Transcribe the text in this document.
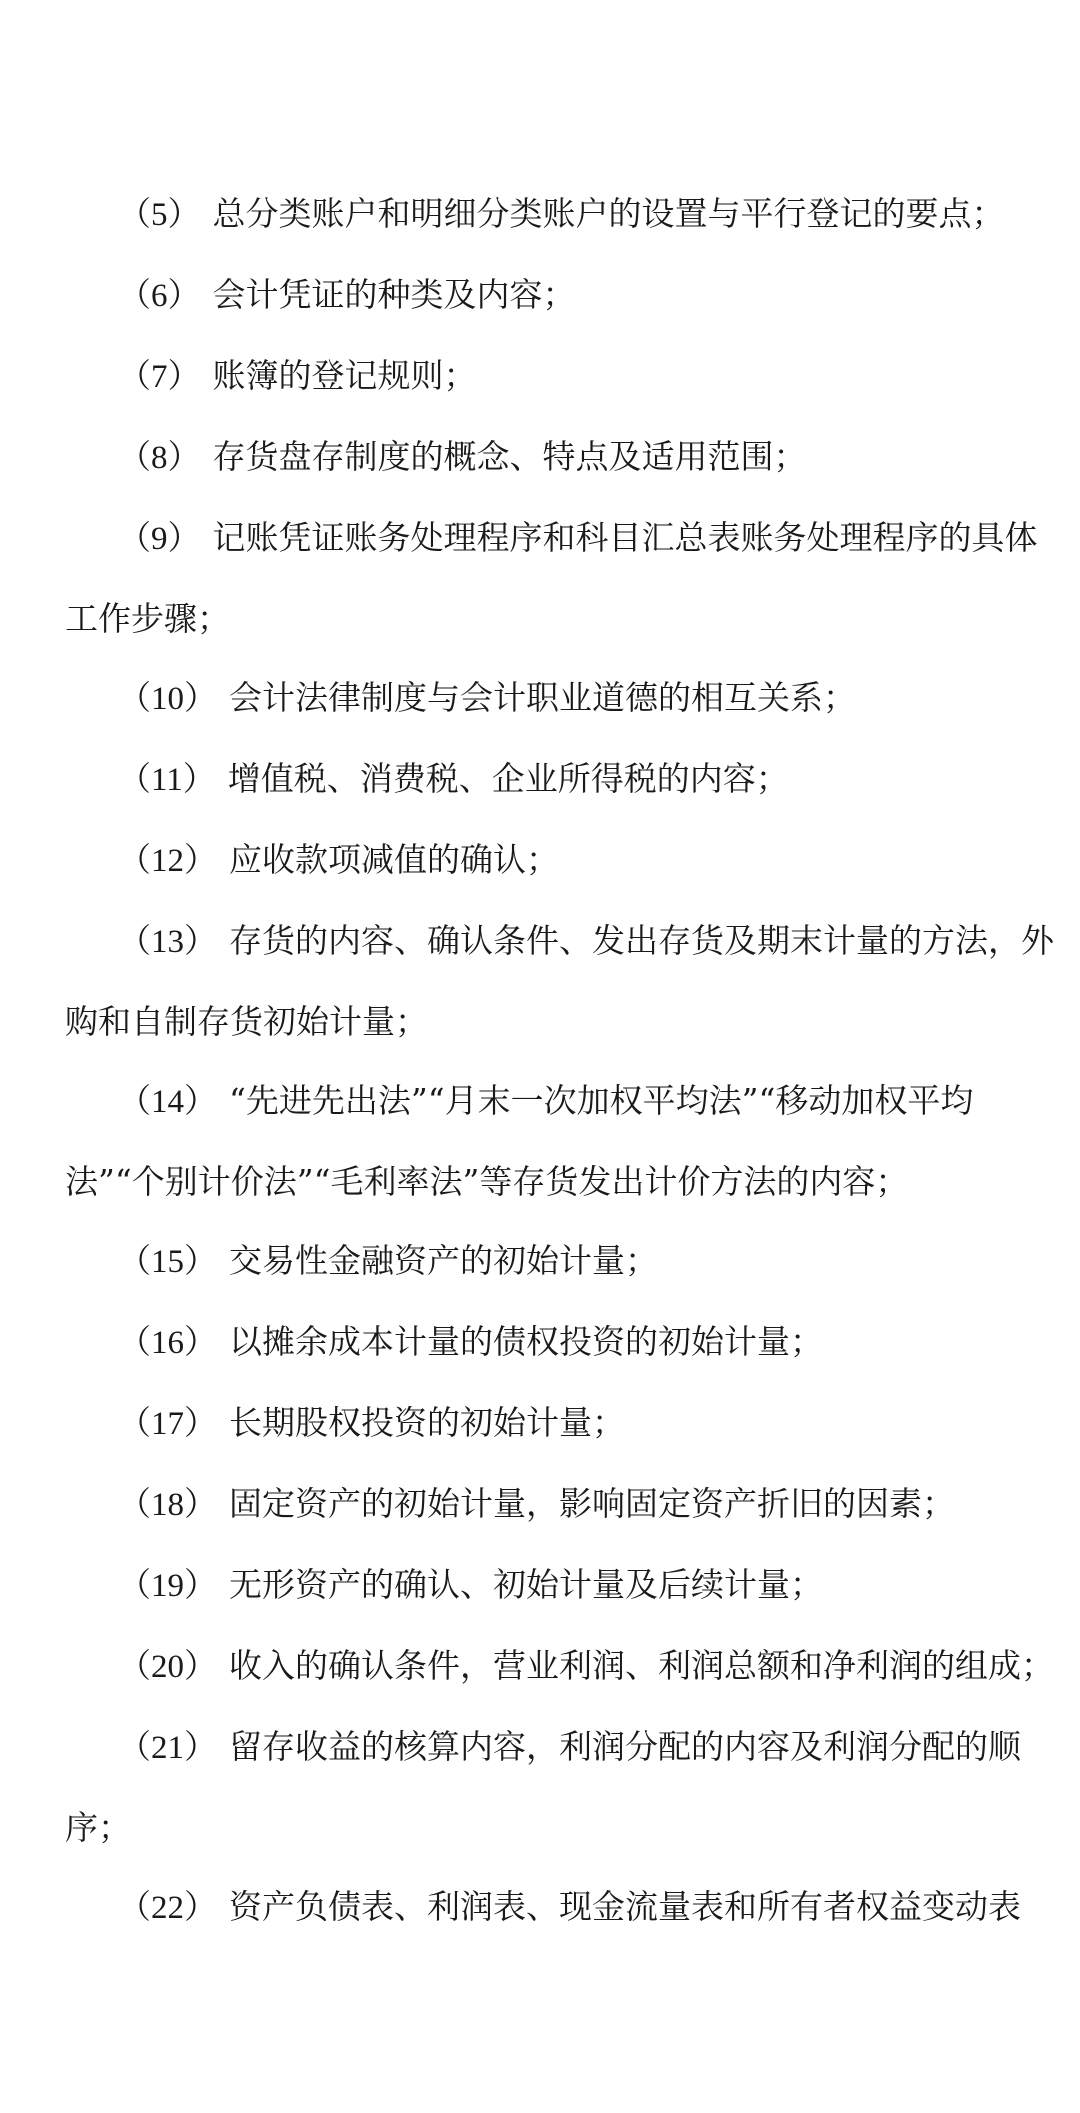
（5） 总分类账户和明细分类账户的设置与平行登记的要点；

（6） 会计凭证的种类及内容；

（7） 账簿的登记规则；

（8） 存货盘存制度的概念、特点及适用范围；

（9） 记账凭证账务处理程序和科目汇总表账务处理程序的具体工作步骤；

（10） 会计法律制度与会计职业道德的相互关系；

（11） 增值税、消费税、企业所得税的内容；

（12） 应收款项减值的确认；

（13） 存货的内容、确认条件、发出存货及期末计量的方法，外购和自制存货初始计量；

（14） “先进先出法”“月末一次加权平均法”“移动加权平均法”“个别计价法”“毛利率法”等存货发出计价方法的内容；

（15） 交易性金融资产的初始计量；

（16） 以摊余成本计量的债权投资的初始计量；

（17） 长期股权投资的初始计量；

（18） 固定资产的初始计量，影响固定资产折旧的因素；

（19） 无形资产的确认、初始计量及后续计量；

（20） 收入的确认条件，营业利润、利润总额和净利润的组成；

（21） 留存收益的核算内容，利润分配的内容及利润分配的顺序；

（22） 资产负债表、利润表、现金流量表和所有者权益变动表
